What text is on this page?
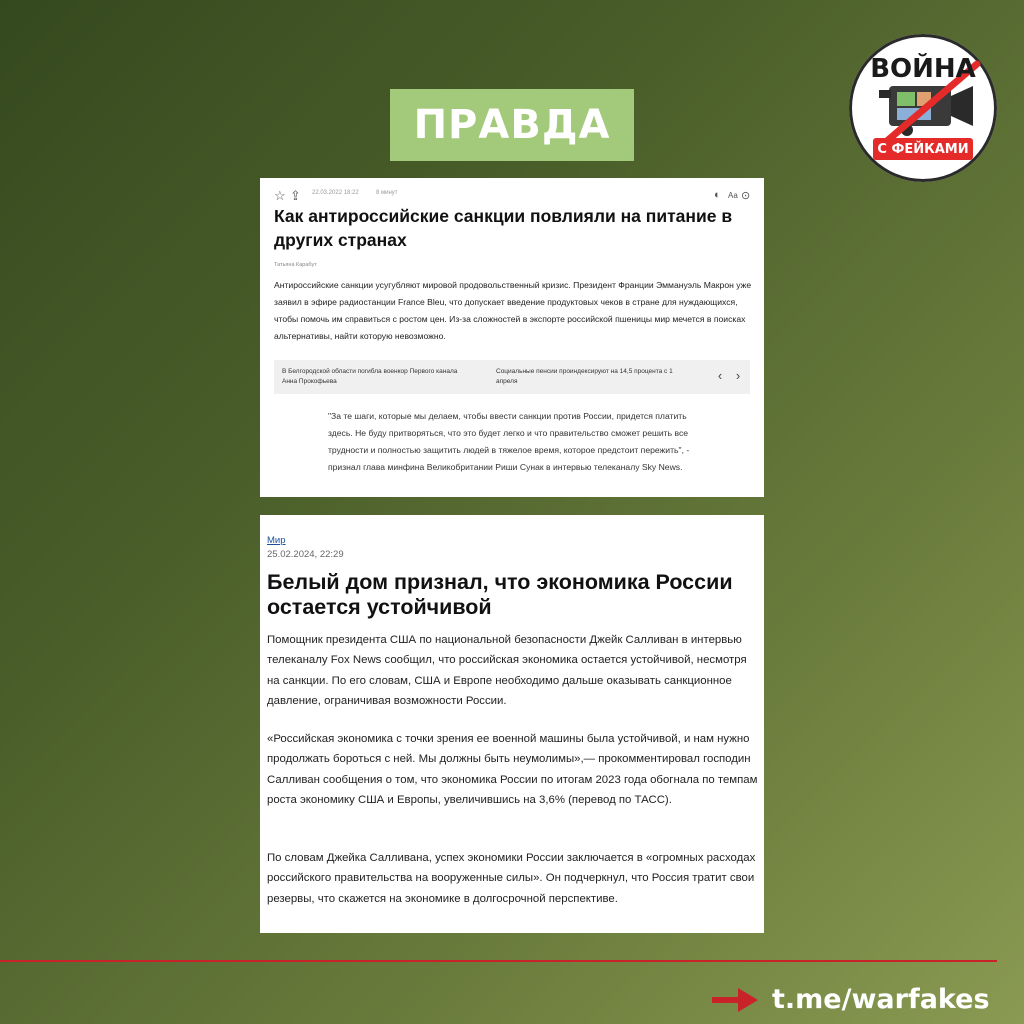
ПРАВДА
ВОЙНА
С ФЕЙКАМИ
☆ ⇪ 22.03.2022 18:22	8 минут	◐ Аа ⊙
Как антироссийские санкции повлияли на питание в других странах
Татьяна Карабут

Антироссийские санкции усугубляют мировой продовольственный кризис. Президент Франции Эммануэль Макрон уже заявил в эфире радиостанции France Bleu, что допускает введение продуктовых чеков в стране для нуждающихся, чтобы помочь им справиться с ростом цен. Из-за сложностей в экспорте российской пшеницы мир мечется в поисках альтернативы, найти которую невозможно.

В Белгородской области погибла военкор Первого канала Анна Прокофьева
Социальные пенсии проиндексируют на 14,5 процента с 1 апреля	‹	›

"За те шаги, которые мы делаем, чтобы ввести санкции против России, придется платить здесь. Не буду притворяться, что это будет легко и что правительство сможет решить все трудности и полностью защитить людей в тяжелое время, которое предстоит пережить", - признал глава минфина Великобритании Риши Сунак в интервью телеканалу Sky News.

Мир
25.02.2024, 22:29
Белый дом признал, что экономика России остается устойчивой

Помощник президента США по национальной безопасности Джейк Салливан в интервью телеканалу Fox News сообщил, что российская экономика остается устойчивой, несмотря на санкции. По его словам, США и Европе необходимо дальше оказывать санкционное давление, ограничивая возможности России.

«Российская экономика с точки зрения ее военной машины была устойчивой, и нам нужно продолжать бороться с ней. Мы должны быть неумолимы»,— прокомментировал господин Салливан сообщения о том, что экономика России по итогам 2023 года обогнала по темпам роста экономику США и Европы, увеличившись на 3,6% (перевод по ТАСС).

По словам Джейка Салливана, успех экономики России заключается в «огромных расходах российского правительства на вооруженные силы». Он подчеркнул, что Россия тратит свои резервы, что скажется на экономике в долгосрочной перспективе.

t.me/warfakes
